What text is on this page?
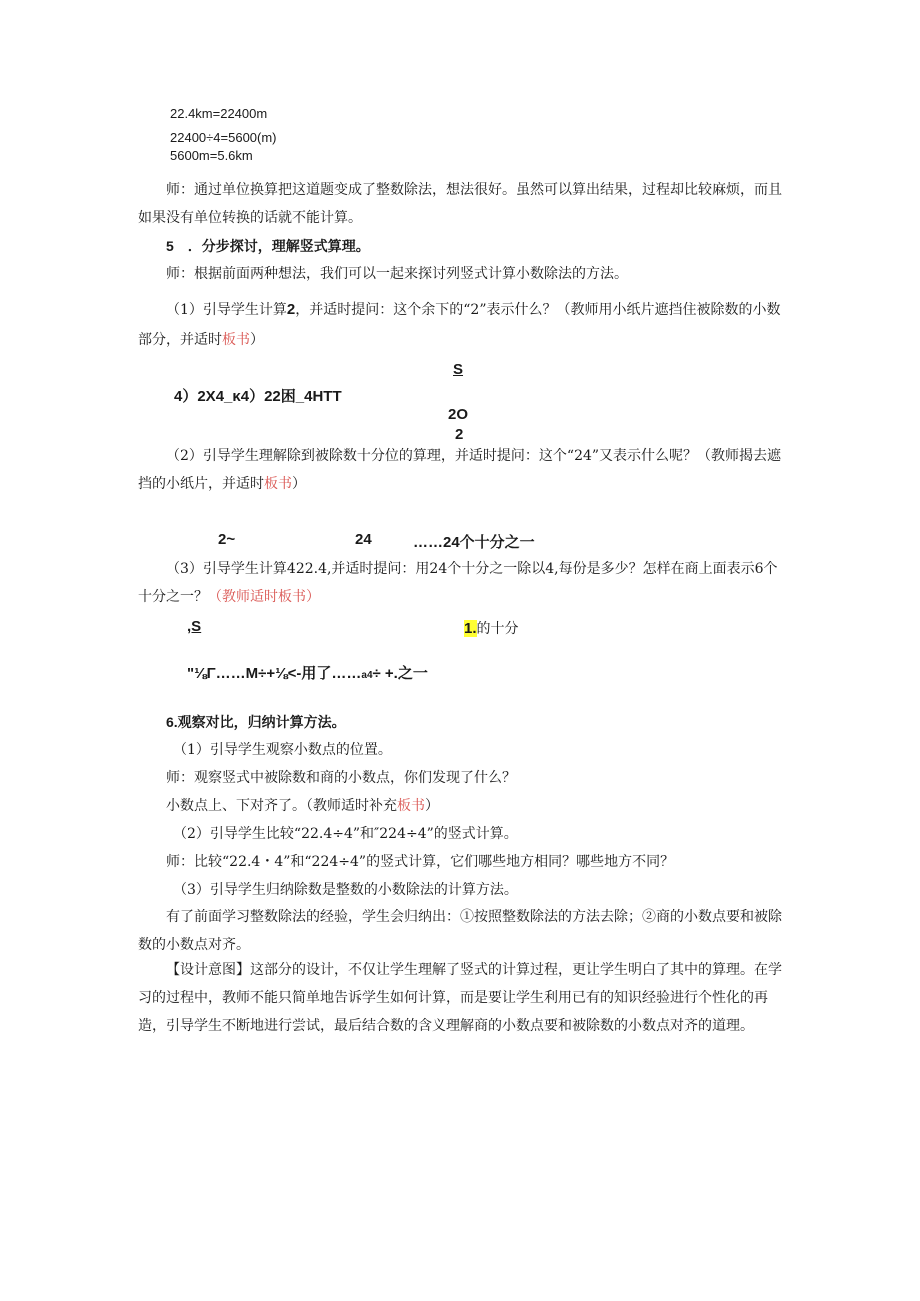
22.4km=22400m
22400÷4=5600(m)
5600m=5.6km
师：通过单位换算把这道题变成了整数除法，想法很好。虽然可以算出结果，过程却比较麻烦，而且如果没有单位转换的话就不能计算。
5　．分步探讨，理解竖式算理。
师：根据前面两种想法，我们可以一起来探讨列竖式计算小数除法的方法。
（1）引导学生计算2，并适时提问：这个余下的“2”表示什么？（教师用小纸片遮挡住被除数的小数部分，并适时板书）
S
4）2X4_κ4）22困_4HTT
2O
2
（2）引导学生理解除到被除数十分位的算理，并适时提问：这个“24”又表示什么呢？（教师揭去遮挡的小纸片，并适时板书）
2~	24	……24个十分之一
（3）引导学生计算422.4,并适时提问：用24个十分之一除以4,每份是多少？怎样在商上面表示6个十分之一？（教师适时板书）
,S	1.的十分
"⅛Γ……M÷+⅛<-用了……a4÷ +.之一
6.观察对比，归纳计算方法。
（1）引导学生观察小数点的位置。
师：观察竖式中被除数和商的小数点，你们发现了什么？
小数点上、下对齐了。（教师适时补充板书）
（2）引导学生比较“22.4÷4”和″224÷4”的竖式计算。
师：比较“22.4・4”和“224÷4”的竖式计算，它们哪些地方相同？哪些地方不同？
（3）引导学生归纳除数是整数的小数除法的计算方法。
有了前面学习整数除法的经验，学生会归纳出：①按照整数除法的方法去除；②商的小数点要和被除数的小数点对齐。
【设计意图】这部分的设计，不仅让学生理解了竖式的计算过程，更让学生明白了其中的算理。在学习的过程中，教师不能只简单地告诉学生如何计算，而是要让学生利用已有的知识经验进行个性化的再造，引导学生不断地进行尝试，最后结合数的含义理解商的小数点要和被除数的小数点对齐的道理。
